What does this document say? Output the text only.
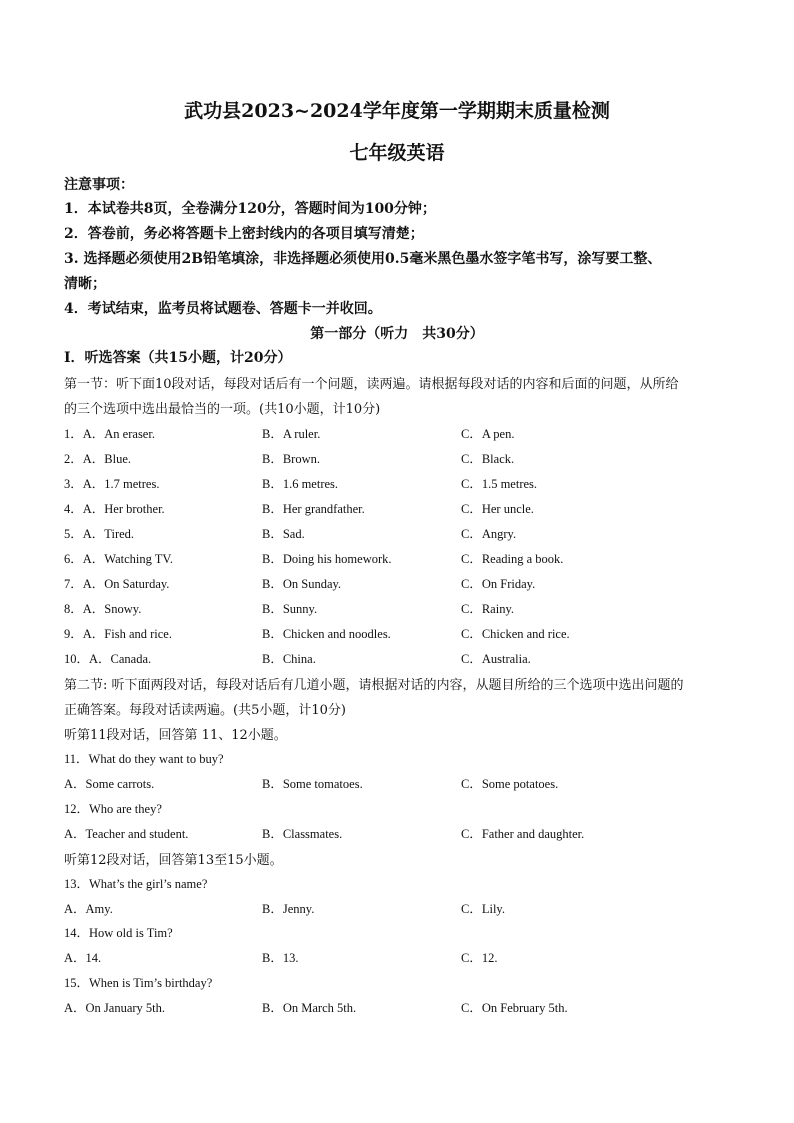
武功县2023~2024学年度第一学期期末质量检测
七年级英语
注意事项：
1．本试卷共8页，全卷满分120分，答题时间为100分钟；
2．答卷前，务必将答题卡上密封线内的各项目填写清楚；
3. 选择题必须使用2B铅笔填涂，非选择题必须使用0.5毫米黑色墨水签字笔书写，涂写要工整、
清晰；
4．考试结束，监考员将试题卷、答题卡一并收回。
第一部分（听力　共30分）
Ⅰ．听选答案（共15小题，计20分）
第一节：听下面10段对话，每段对话后有一个问题，读两遍。请根据每段对话的内容和后面的问题，从所给
的三个选项中选出最恰当的一项。(共10小题，计10分)
1．A．An eraser.	B．A ruler.	C．A pen.
2．A．Blue.	B．Brown.	C．Black.
3．A．1.7 metres.	B．1.6 metres.	C．1.5 metres.
4．A．Her brother.	B．Her grandfather.	C．Her uncle.
5．A．Tired.	B．Sad.	C．Angry.
6．A．Watching TV.	B．Doing his homework.	C．Reading a book.
7．A．On Saturday.	B．On Sunday.	C．On Friday.
8．A．Snowy.	B．Sunny.	C．Rainy.
9．A．Fish and rice.	B．Chicken and noodles.	C．Chicken and rice.
10．A．Canada.	B．China.	C．Australia.
第二节: 听下面两段对话，每段对话后有几道小题，请根据对话的内容，从题目所给的三个选项中选出问题的
正确答案。每段对话读两遍。(共5小题，计10分)
听第11段对话，回答第 11、12小题。
11．What do they want to buy?
A．Some carrots.	B．Some tomatoes.	C．Some potatoes.
12．Who are they?
A．Teacher and student.	B．Classmates.	C．Father and daughter.
听第12段对话，回答第13至15小题。
13．What’s the girl’s name?
A．Amy.	B．Jenny.	C．Lily.
14．How old is Tim?
A．14.	B．13.	C．12.
15．When is Tim’s birthday?
A．On January 5th.	B．On March 5th.	C．On February 5th.
